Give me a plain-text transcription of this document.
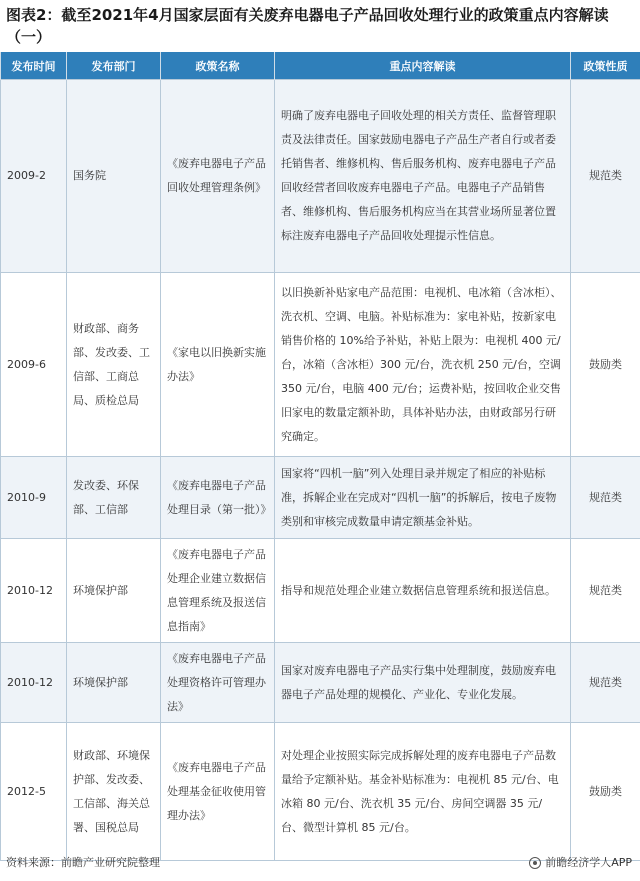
图表2：截至2021年4月国家层面有关废弃电器电子产品回收处理行业的政策重点内容解读（一）
发布时间	发布部门	政策名称	重点内容解读	政策性质
2009-2	国务院	《废弃电器电子产品回收处理管理条例》	明确了废弃电器电子回收处理的相关方责任、监督管理职责及法律责任。国家鼓励电器电子产品生产者自行或者委托销售者、维修机构、售后服务机构、废弃电器电子产品回收经营者回收废弃电器电子产品。电器电子产品销售者、维修机构、售后服务机构应当在其营业场所显著位置标注废弃电器电子产品回收处理提示性信息。	规范类
2009-6	财政部、商务部、发改委、工信部、工商总局、质检总局	《家电以旧换新实施办法》	以旧换新补贴家电产品范围：电视机、电冰箱（含冰柜）、洗衣机、空调、电脑。补贴标准为：家电补贴，按新家电销售价格的 10%给予补贴，补贴上限为：电视机 400 元/台，冰箱（含冰柜）300 元/台，洗衣机 250 元/台，空调 350 元/台，电脑 400 元/台；运费补贴，按回收企业交售旧家电的数量定额补助，具体补贴办法，由财政部另行研究确定。	鼓励类
2010-9	发改委、环保部、工信部	《废弃电器电子产品处理目录（第一批）》	国家将“四机一脑”列入处理目录并规定了相应的补贴标准，拆解企业在完成对“四机一脑”的拆解后，按电子废物类别和审核完成数量申请定额基金补贴。	规范类
2010-12	环境保护部	《废弃电器电子产品处理企业建立数据信息管理系统及报送信息指南》	指导和规范处理企业建立数据信息管理系统和报送信息。	规范类
2010-12	环境保护部	《废弃电器电子产品处理资格许可管理办法》	国家对废弃电器电子产品实行集中处理制度，鼓励废弃电器电子产品处理的规模化、产业化、专业化发展。	规范类
2012-5	财政部、环境保护部、发改委、工信部、海关总署、国税总局	《废弃电器电子产品处理基金征收使用管理办法》	对处理企业按照实际完成拆解处理的废弃电器电子产品数量给予定额补贴。基金补贴标准为：电视机 85 元/台、电冰箱 80 元/台、洗衣机 35 元/台、房间空调器 35 元/台、微型计算机 85 元/台。	鼓励类
资料来源：前瞻产业研究院整理	前瞻经济学人APP
